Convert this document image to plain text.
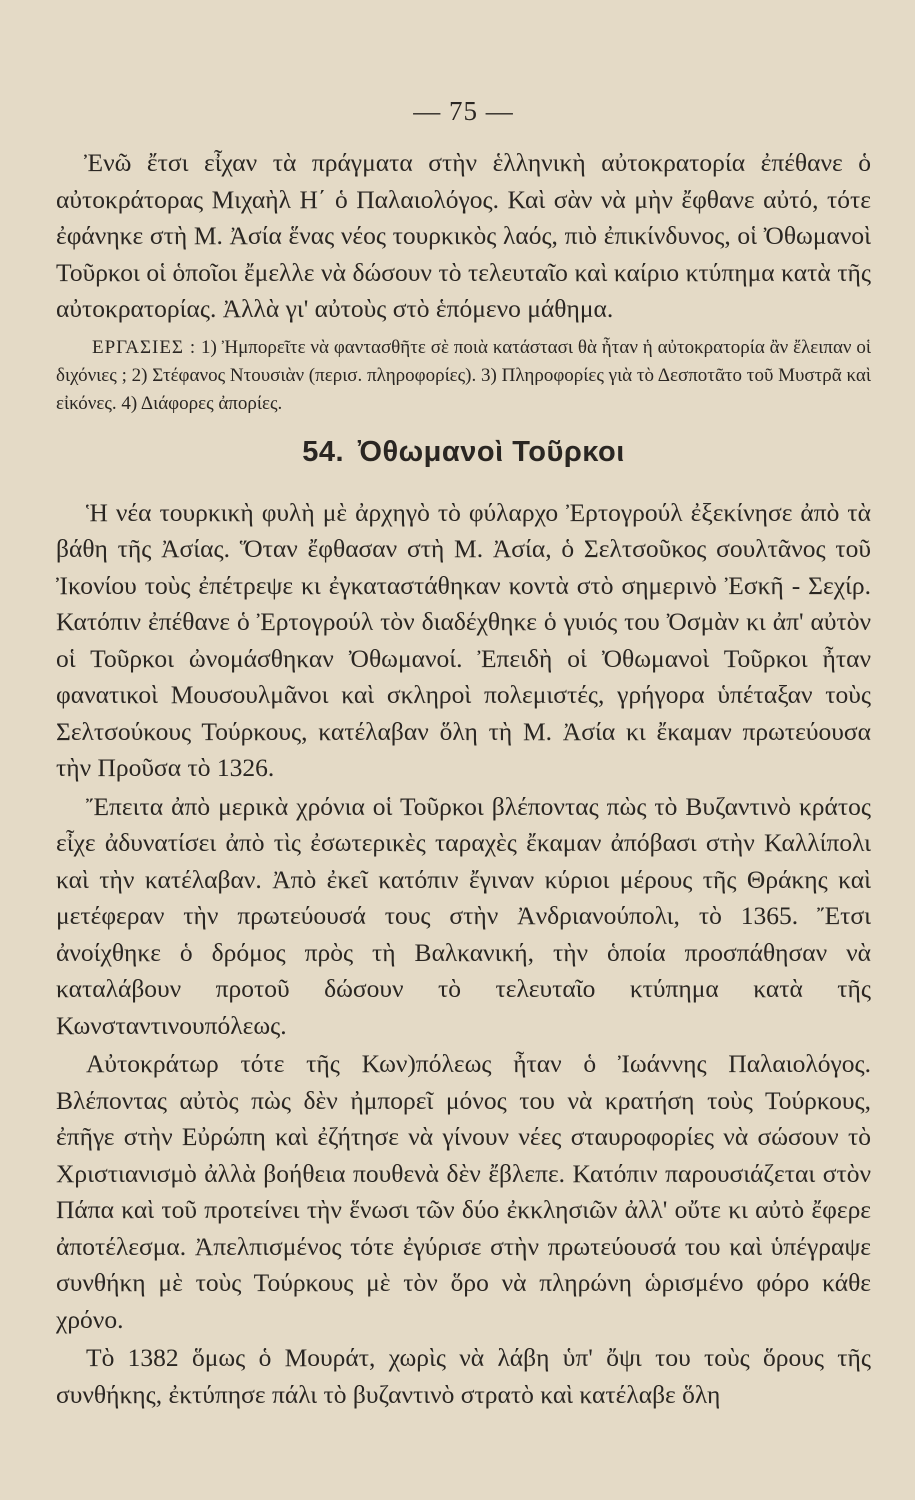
— 75 —

Ἐνῶ ἔτσι εἶχαν τὰ πράγματα στὴν ἑλληνικὴ αὐτοκρατορία ἐπέθανε ὁ αὐτοκράτορας Μιχαὴλ Η΄ ὁ Παλαιολόγος. Καὶ σὰν νὰ μὴν ἔφθανε αὐτό, τότε ἐφάνηκε στὴ Μ. Ἀσία ἕνας νέος τουρκικὸς λαός, πιὸ ἐπικίνδυνος, οἱ Ὀθωμανοὶ Τοῦρκοι οἱ ὁποῖοι ἔμελλε νὰ δώσουν τὸ τελευταῖο καὶ καίριο κτύπημα κατὰ τῆς αὐτοκρατορίας. Ἀλλὰ γι' αὐτοὺς στὸ ἑπόμενο μάθημα.

ΕΡΓΑΣΙΕΣ : 1) Ἠμπορεῖτε νὰ φαντασθῆτε σὲ ποιὰ κατάστασι θὰ ἦταν ἡ αὐτοκρατορία ἂν ἔλειπαν οἱ διχόνιες ; 2) Στέφανος Ντουσιὰν (περισ. πληροφορίες). 3) Πληροφορίες γιὰ τὸ Δεσποτᾶτο τοῦ Μυστρᾶ καὶ εἰκόνες. 4) Διάφορες ἀπορίες.

54. Ὀθωμανοὶ Τοῦρκοι

Ἡ νέα τουρκικὴ φυλὴ μὲ ἀρχηγὸ τὸ φύλαρχο Ἐρτογρούλ ἐξεκίνησε ἀπὸ τὰ βάθη τῆς Ἀσίας. Ὅταν ἔφθασαν στὴ Μ. Ἀσία, ὁ Σελτσοῦκος σουλτᾶνος τοῦ Ἰκονίου τοὺς ἐπέτρεψε κι ἐγκαταστάθηκαν κοντὰ στὸ σημερινὸ Ἐσκῆ - Σεχίρ. Κατόπιν ἐπέθανε ὁ Ἐρτογρούλ τὸν διαδέχθηκε ὁ γυιός του Ὀσμὰν κι ἀπ' αὐτὸν οἱ Τοῦρκοι ὠνομάσθηκαν Ὀθωμανοί. Ἐπειδὴ οἱ Ὀθωμανοὶ Τοῦρκοι ἦταν φανατικοὶ Μουσουλμᾶνοι καὶ σκληροὶ πολεμιστές, γρήγορα ὑπέταξαν τοὺς Σελτσούκους Τούρκους, κατέλαβαν ὅλη τὴ Μ. Ἀσία κι ἔκαμαν πρωτεύουσα τὴν Προῦσα τὸ 1326.

Ἔπειτα ἀπὸ μερικὰ χρόνια οἱ Τοῦρκοι βλέποντας πὼς τὸ Βυζαντινὸ κράτος εἶχε ἀδυνατίσει ἀπὸ τὶς ἐσωτερικὲς ταραχὲς ἔκαμαν ἀπόβασι στὴν Καλλίπολι καὶ τὴν κατέλαβαν. Ἀπὸ ἐκεῖ κατόπιν ἔγιναν κύριοι μέρους τῆς Θράκης καὶ μετέφεραν τὴν πρωτεύουσά τους στὴν Ἀνδριανούπολι, τὸ 1365. Ἔτσι ἀνοίχθηκε ὁ δρόμος πρὸς τὴ Βαλκανική, τὴν ὁποία προσπάθησαν νὰ καταλάβουν προτοῦ δώσουν τὸ τελευταῖο κτύπημα κατὰ τῆς Κωνσταντινουπόλεως.

Αὐτοκράτωρ τότε τῆς Κων)πόλεως ἦταν ὁ Ἰωάννης Παλαιολόγος. Βλέποντας αὐτὸς πὼς δὲν ἠμπορεῖ μόνος του νὰ κρατήση τοὺς Τούρκους, ἐπῆγε στὴν Εὐρώπη καὶ ἐζήτησε νὰ γίνουν νέες σταυροφορίες νὰ σώσουν τὸ Χριστιανισμὸ ἀλλὰ βοήθεια πουθενὰ δὲν ἔβλεπε. Κατόπιν παρουσιάζεται στὸν Πάπα καὶ τοῦ προτείνει τὴν ἕνωσι τῶν δύο ἐκκλησιῶν ἀλλ' οὔτε κι αὐτὸ ἔφερε ἀποτέλεσμα. Ἀπελπισμένος τότε ἐγύρισε στὴν πρωτεύουσά του καὶ ὑπέγραψε συνθήκη μὲ τοὺς Τούρκους μὲ τὸν ὅρο νὰ πληρώνη ὡρισμένο φόρο κάθε χρόνο.

Τὸ 1382 ὅμως ὁ Μουράτ, χωρὶς νὰ λάβη ὑπ' ὄψι του τοὺς ὅρους τῆς συνθήκης, ἐκτύπησε πάλι τὸ βυζαντινὸ στρατὸ καὶ κατέλαβε ὅλη
